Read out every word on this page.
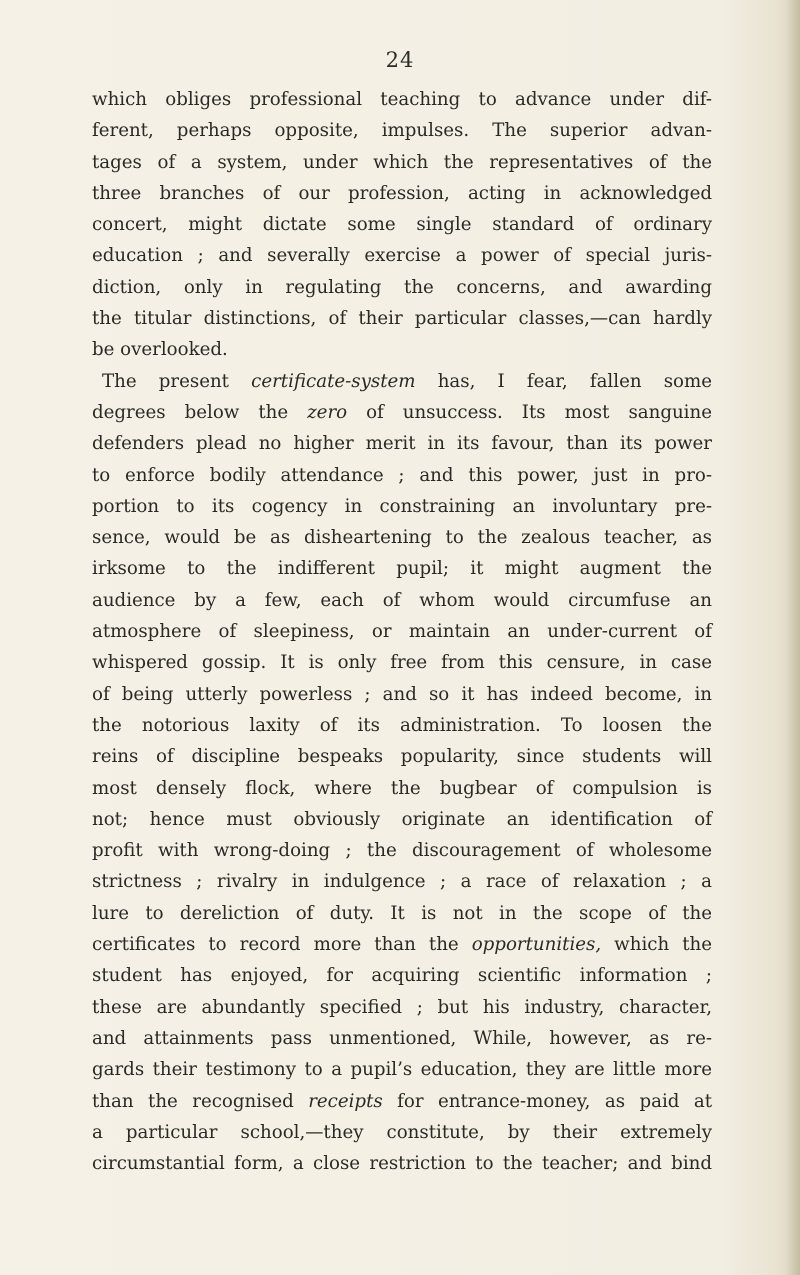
24
which obliges professional teaching to advance under dif-
ferent, perhaps opposite, impulses. The superior advan-
tages of a system, under which the representatives of the
three branches of our profession, acting in acknowledged
concert, might dictate some single standard of ordinary
education ; and severally exercise a power of special juris-
diction, only in regulating the concerns, and awarding
the titular distinctions, of their particular classes,—can hardly
be overlooked.
The present certificate-system has, I fear, fallen some
degrees below the zero of unsuccess. Its most sanguine
defenders plead no higher merit in its favour, than its power
to enforce bodily attendance ; and this power, just in pro-
portion to its cogency in constraining an involuntary pre-
sence, would be as disheartening to the zealous teacher, as
irksome to the indifferent pupil; it might augment the
audience by a few, each of whom would circumfuse an
atmosphere of sleepiness, or maintain an under-current of
whispered gossip. It is only free from this censure, in case
of being utterly powerless ; and so it has indeed become, in
the notorious laxity of its administration. To loosen the
reins of discipline bespeaks popularity, since students will
most densely flock, where the bugbear of compulsion is
not; hence must obviously originate an identification of
profit with wrong-doing ; the discouragement of wholesome
strictness ; rivalry in indulgence ; a race of relaxation ; a
lure to dereliction of duty. It is not in the scope of the
certificates to record more than the opportunities, which the
student has enjoyed, for acquiring scientific information ;
these are abundantly specified ; but his industry, character,
and attainments pass unmentioned, While, however, as re-
gards their testimony to a pupil’s education, they are little more
than the recognised receipts for entrance-money, as paid at
a particular school,—they constitute, by their extremely
circumstantial form, a close restriction to the teacher; and bind
